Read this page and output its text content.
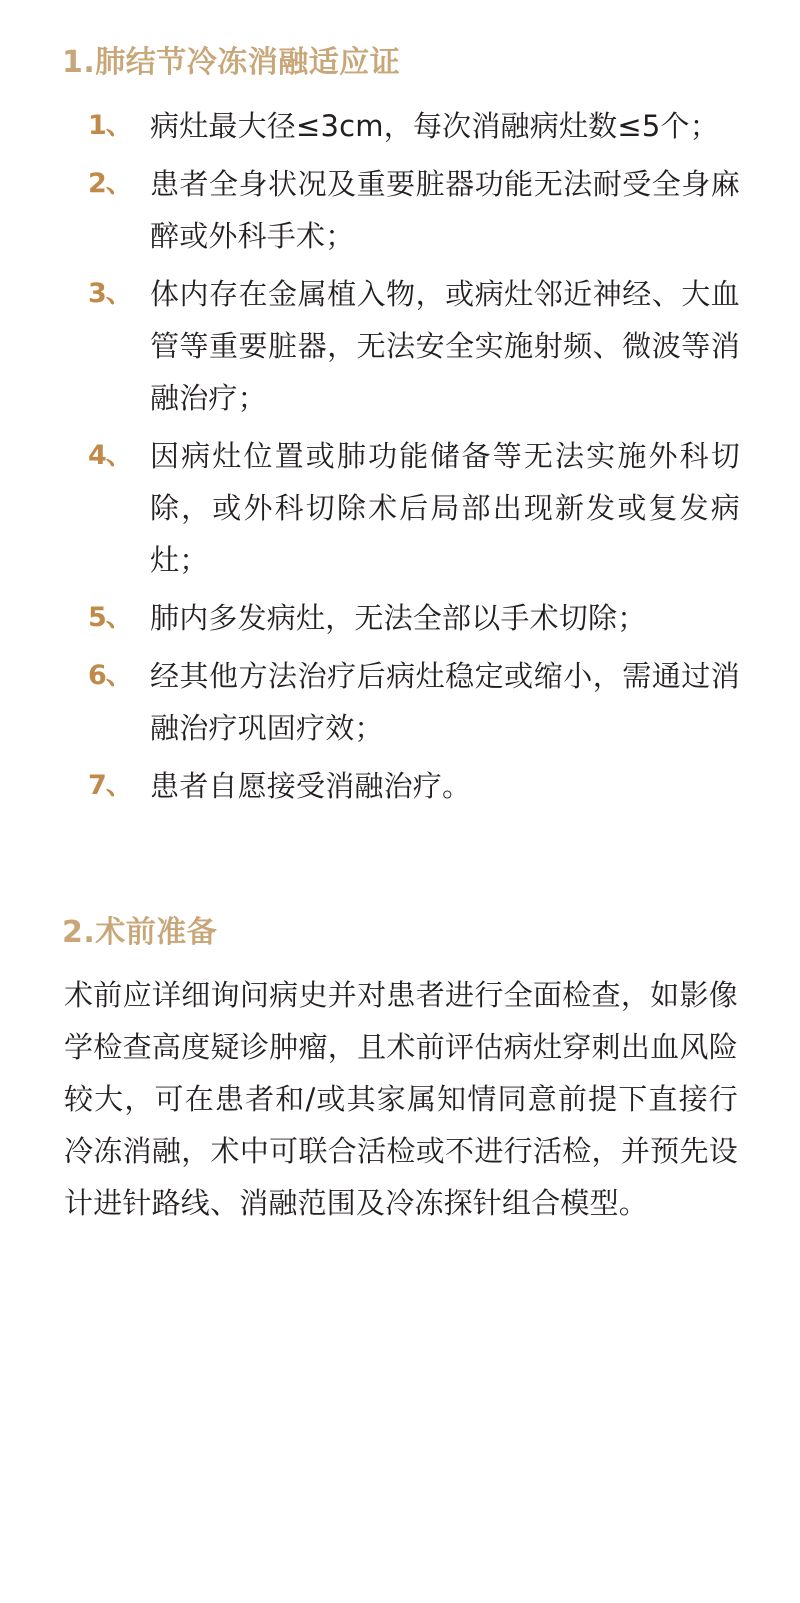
1.肺结节冷冻消融适应证
1、 病灶最大径≤3cm，每次消融病灶数≤5个；
2、 患者全身状况及重要脏器功能无法耐受全身麻醉或外科手术；
3、 体内存在金属植入物，或病灶邻近神经、大血管等重要脏器，无法安全实施射频、微波等消融治疗；
4、 因病灶位置或肺功能储备等无法实施外科切除，或外科切除术后局部出现新发或复发病灶；
5、 肺内多发病灶，无法全部以手术切除；
6、 经其他方法治疗后病灶稳定或缩小，需通过消融治疗巩固疗效；
7、 患者自愿接受消融治疗。
2.术前准备

术前应详细询问病史并对患者进行全面检查，如影像学检查高度疑诊肿瘤，且术前评估病灶穿刺出血风险较大，可在患者和/或其家属知情同意前提下直接行冷冻消融，术中可联合活检或不进行活检，并预先设计进针路线、消融范围及冷冻探针组合模型。
